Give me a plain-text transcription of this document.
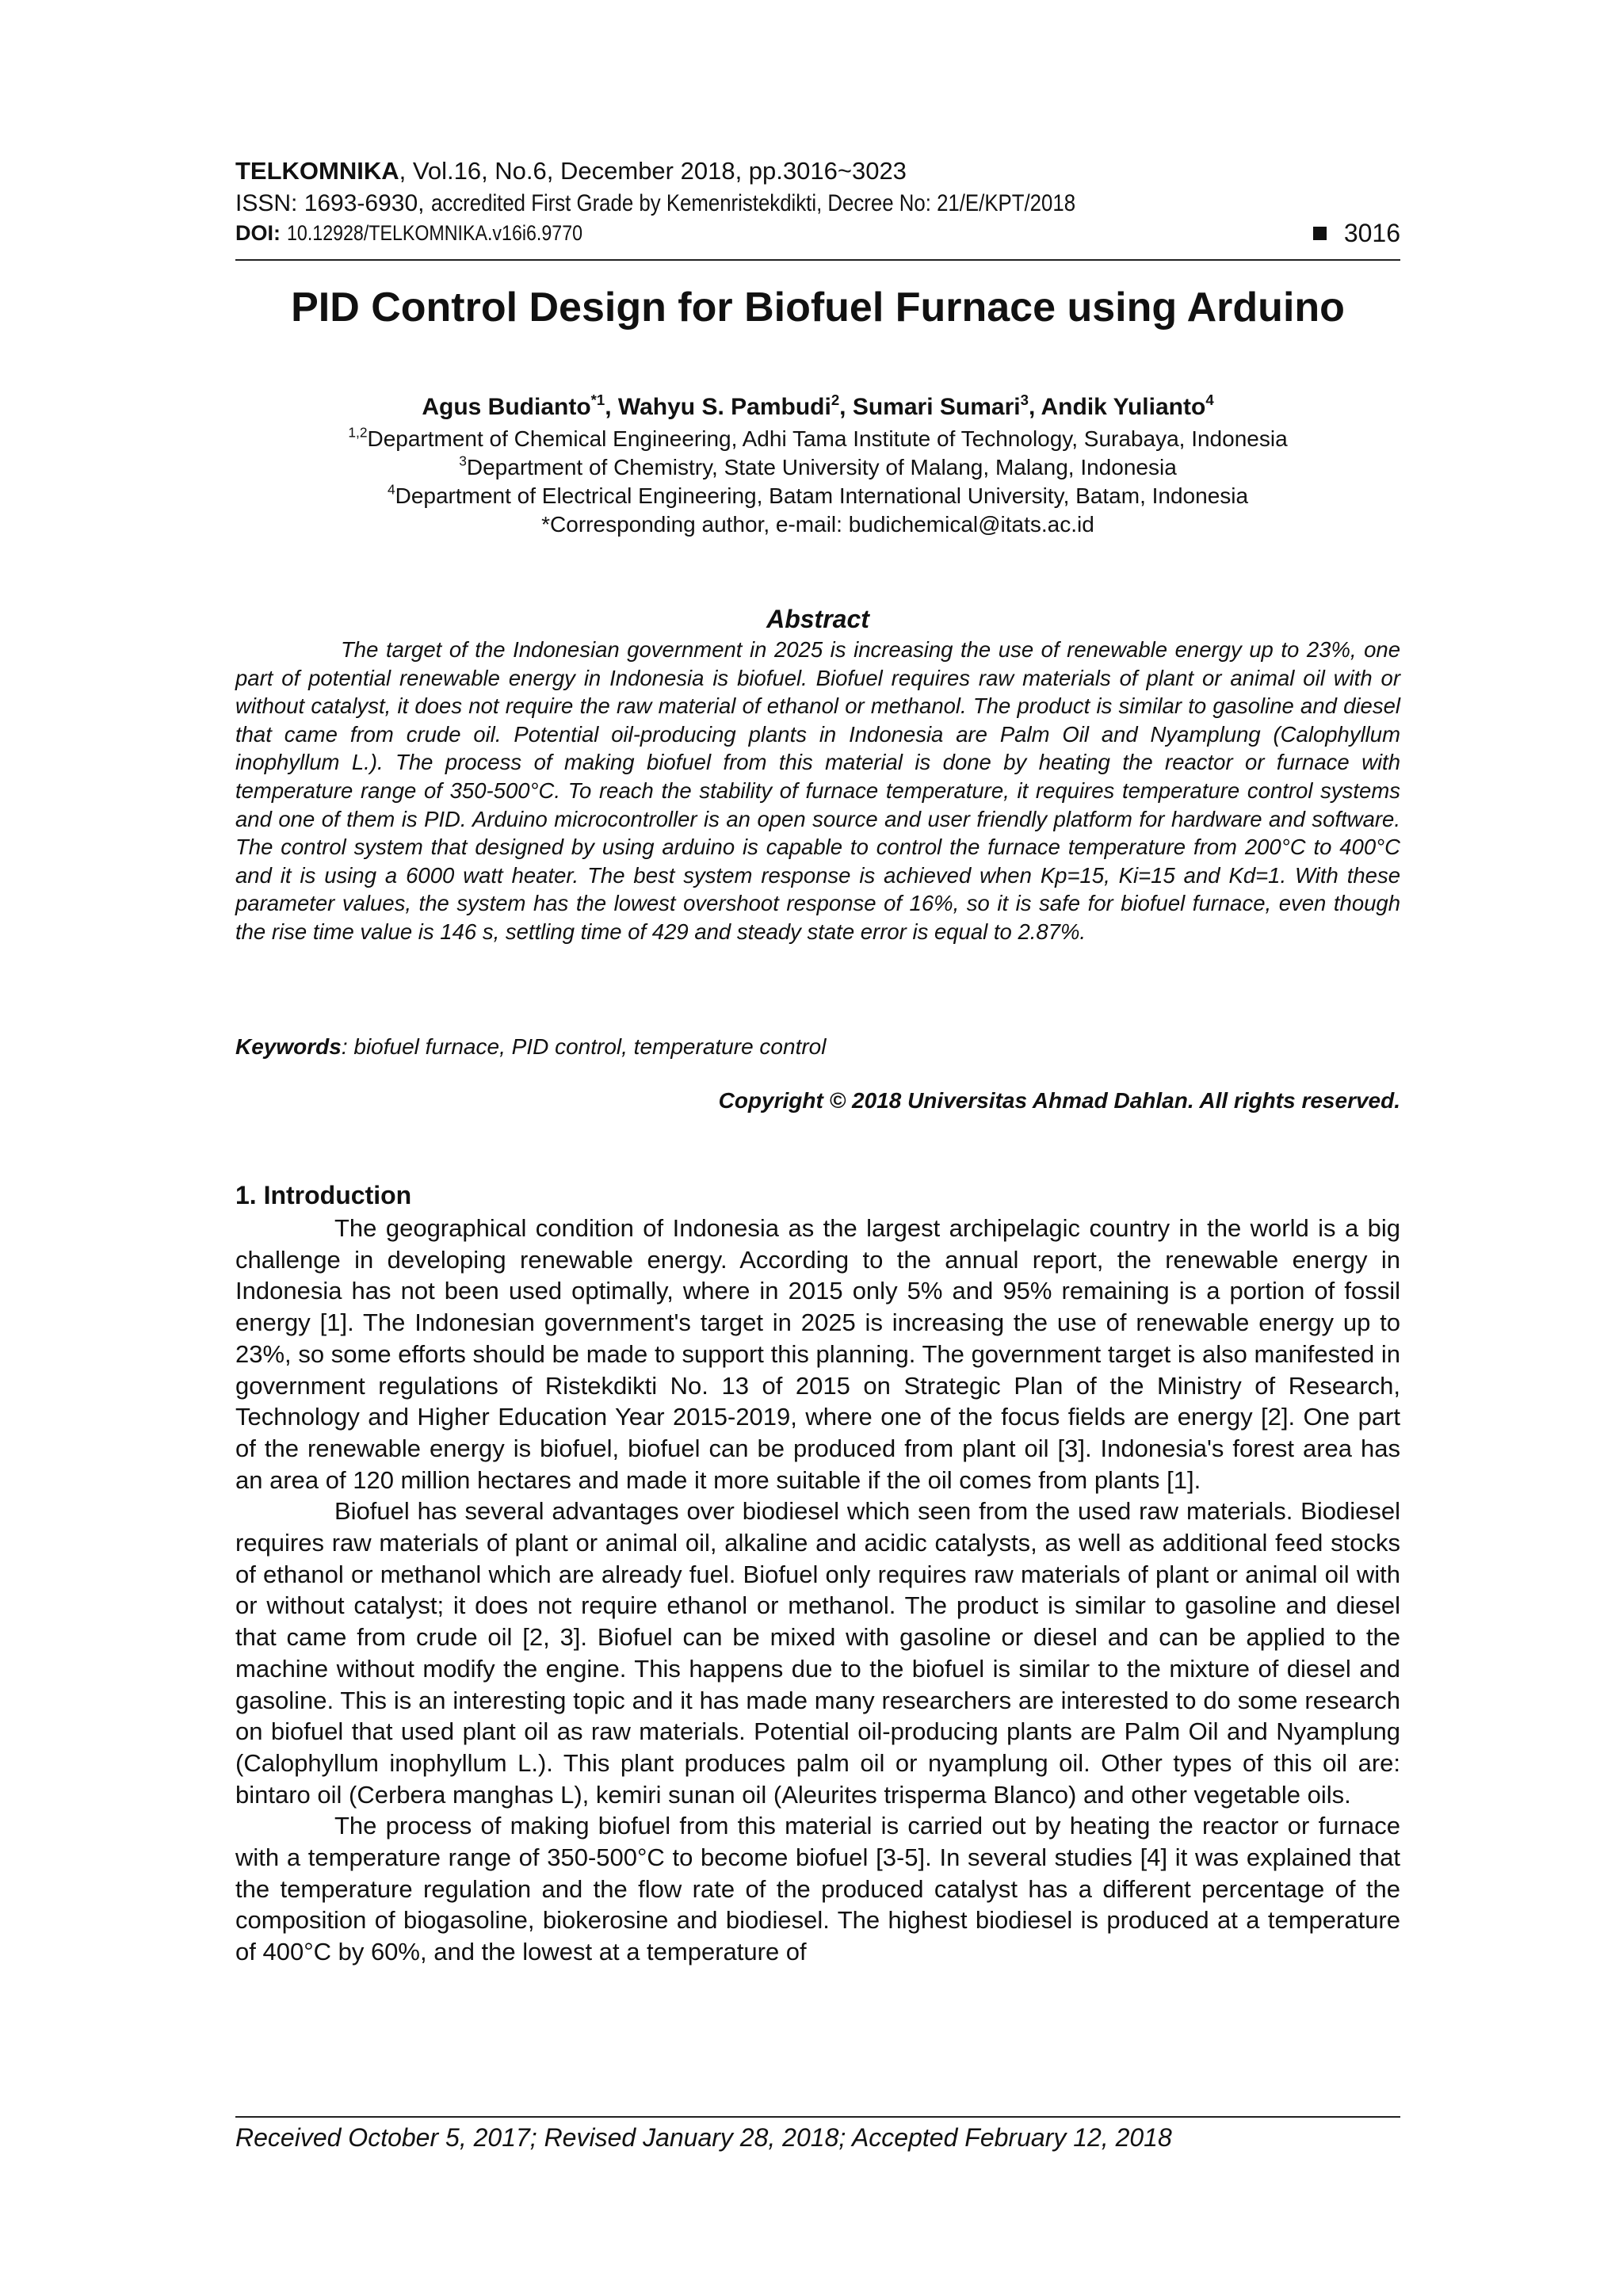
TELKOMNIKA, Vol.16, No.6, December 2018, pp.3016~3023
ISSN: 1693-6930, accredited First Grade by Kemenristekdikti, Decree No: 21/E/KPT/2018
DOI: 10.12928/TELKOMNIKA.v16i6.9770	3016
PID Control Design for Biofuel Furnace using Arduino
Agus Budianto$^{*1}$, Wahyu S. Pambudi$^2$, Sumari Sumari$^3$, Andik Yulianto$^4$
$^{1,2}$Department of Chemical Engineering, Adhi Tama Institute of Technology, Surabaya, Indonesia
$^3$Department of Chemistry, State University of Malang, Malang, Indonesia
$^4$Department of Electrical Engineering, Batam International University, Batam, Indonesia
*Corresponding author, e-mail: budichemical@itats.ac.id
Abstract

The target of the Indonesian government in 2025 is increasing the use of renewable energy up to 23%, one part of potential renewable energy in Indonesia is biofuel. Biofuel requires raw materials of plant or animal oil with or without catalyst, it does not require the raw material of ethanol or methanol. The product is similar to gasoline and diesel that came from crude oil. Potential oil-producing plants in Indonesia are Palm Oil and Nyamplung (Calophyllum inophyllum L.). The process of making biofuel from this material is done by heating the reactor or furnace with temperature range of 350-500°C. To reach the stability of furnace temperature, it requires temperature control systems and one of them is PID. Arduino microcontroller is an open source and user friendly platform for hardware and software. The control system that designed by using arduino is capable to control the furnace temperature from 200°C to 400°C and it is using a 6000 watt heater. The best system response is achieved when Kp=15, Ki=15 and Kd=1. With these parameter values, the system has the lowest overshoot response of 16%, so it is safe for biofuel furnace, even though the rise time value is 146 s, settling time of 429 and steady state error is equal to 2.87%.

Keywords: biofuel furnace, PID control, temperature control
Copyright © 2018 Universitas Ahmad Dahlan. All rights reserved.
1. Introduction

The geographical condition of Indonesia as the largest archipelagic country in the world is a big challenge in developing renewable energy. According to the annual report, the renewable energy in Indonesia has not been used optimally, where in 2015 only 5% and 95% remaining is a portion of fossil energy [1]. The Indonesian government's target in 2025 is increasing the use of renewable energy up to 23%, so some efforts should be made to support this planning. The government target is also manifested in government regulations of Ristekdikti No. 13 of 2015 on Strategic Plan of the Ministry of Research, Technology and Higher Education Year 2015-2019, where one of the focus fields are energy [2]. One part of the renewable energy is biofuel, biofuel can be produced from plant oil [3]. Indonesia's forest area has an area of 120 million hectares and made it more suitable if the oil comes from plants [1].

Biofuel has several advantages over biodiesel which seen from the used raw materials. Biodiesel requires raw materials of plant or animal oil, alkaline and acidic catalysts, as well as additional feed stocks of ethanol or methanol which are already fuel. Biofuel only requires raw materials of plant or animal oil with or without catalyst; it does not require ethanol or methanol. The product is similar to gasoline and diesel that came from crude oil [2, 3]. Biofuel can be mixed with gasoline or diesel and can be applied to the machine without modify the engine. This happens due to the biofuel is similar to the mixture of diesel and gasoline. This is an interesting topic and it has made many researchers are interested to do some research on biofuel that used plant oil as raw materials. Potential oil-producing plants are Palm Oil and Nyamplung (Calophyllum inophyllum L.). This plant produces palm oil or nyamplung oil. Other types of this oil are: bintaro oil (Cerbera manghas L), kemiri sunan oil (Aleurites trisperma Blanco) and other vegetable oils.

The process of making biofuel from this material is carried out by heating the reactor or furnace with a temperature range of 350-500°C to become biofuel [3-5]. In several studies [4] it was explained that the temperature regulation and the flow rate of the produced catalyst has a different percentage of the composition of biogasoline, biokerosine and biodiesel. The highest biodiesel is produced at a temperature of 400°C by 60%, and the lowest at a temperature of

Received October 5, 2017; Revised January 28, 2018; Accepted February 12, 2018
